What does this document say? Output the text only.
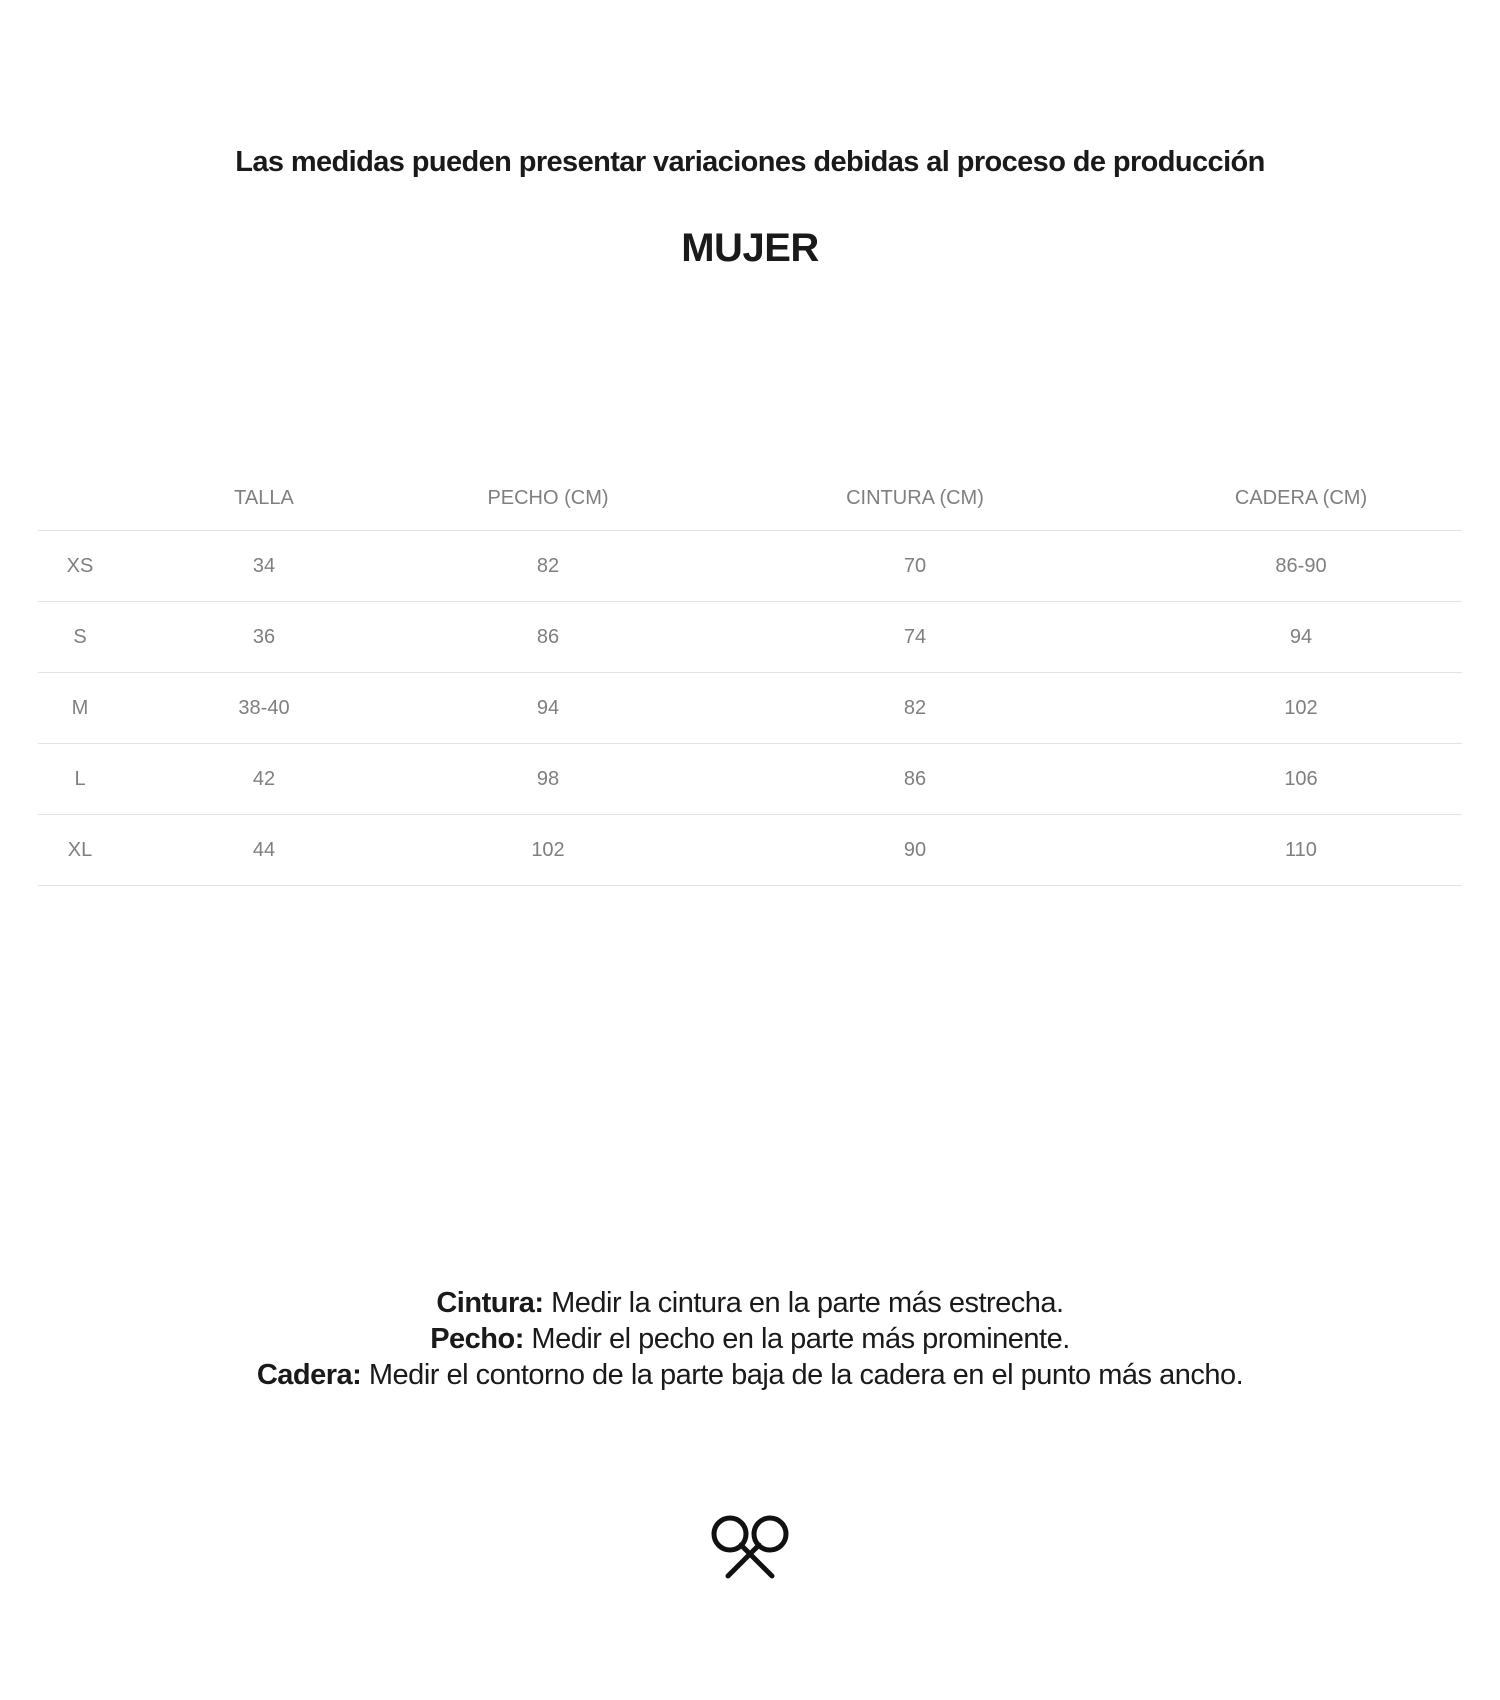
Las medidas pueden presentar variaciones debidas al proceso de producción
MUJER
	TALLA	PECHO (CM)	CINTURA (CM)	CADERA (CM)
XS	34	82	70	86-90
S	36	86	74	94
M	38-40	94	82	102
L	42	98	86	106
XL	44	102	90	110
Cintura: Medir la cintura en la parte más estrecha.
Pecho: Medir el pecho en la parte más prominente.
Cadera: Medir el contorno de la parte baja de la cadera en el punto más ancho.
